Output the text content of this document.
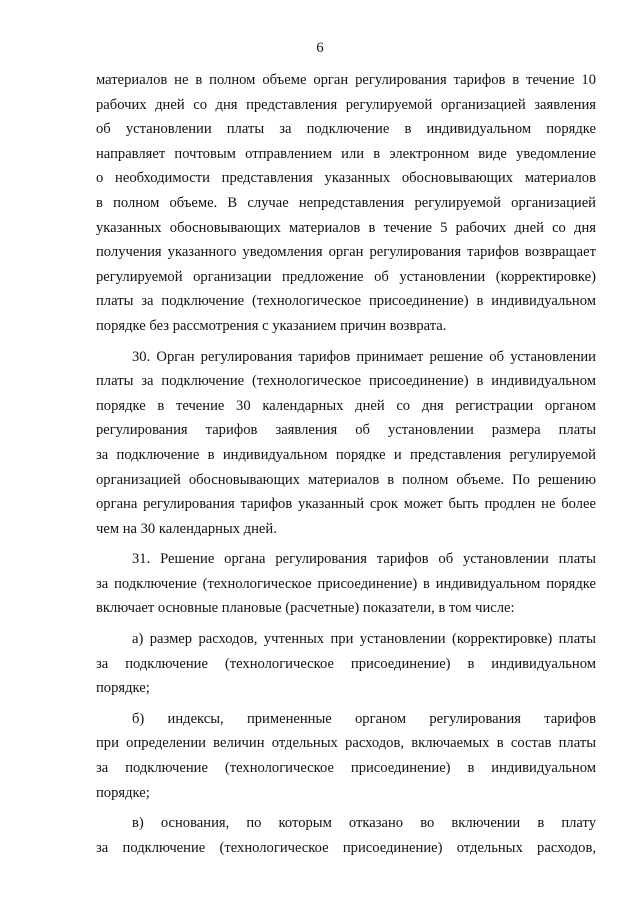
6
материалов не в полном объеме орган регулирования тарифов в течение 10
рабочих дней со дня представления регулируемой организацией заявления
об установлении платы за подключение в индивидуальном порядке
направляет почтовым отправлением или в электронном виде уведомление
о необходимости представления указанных обосновывающих материалов
в полном объеме. В случае непредставления регулируемой организацией
указанных обосновывающих материалов в течение 5 рабочих дней со дня
получения указанного уведомления орган регулирования тарифов возвращает
регулируемой организации предложение об установлении (корректировке)
платы за подключение (технологическое присоединение) в индивидуальном
порядке без рассмотрения с указанием причин возврата.
30. Орган регулирования тарифов принимает решение об установлении
платы за подключение (технологическое присоединение) в индивидуальном
порядке в течение 30 календарных дней со дня регистрации органом
регулирования тарифов заявления об установлении размера платы
за подключение в индивидуальном порядке и представления регулируемой
организацией обосновывающих материалов в полном объеме. По решению
органа регулирования тарифов указанный срок может быть продлен не более
чем на 30 календарных дней.
31. Решение органа регулирования тарифов об установлении платы
за подключение (технологическое присоединение) в индивидуальном порядке
включает основные плановые (расчетные) показатели, в том числе:
а) размер расходов, учтенных при установлении (корректировке) платы
за подключение (технологическое присоединение) в индивидуальном
порядке;
б) индексы, примененные органом регулирования тарифов
при определении величин отдельных расходов, включаемых в состав платы
за подключение (технологическое присоединение) в индивидуальном
порядке;
в) основания, по которым отказано во включении в плату
за подключение (технологическое присоединение) отдельных расходов,
